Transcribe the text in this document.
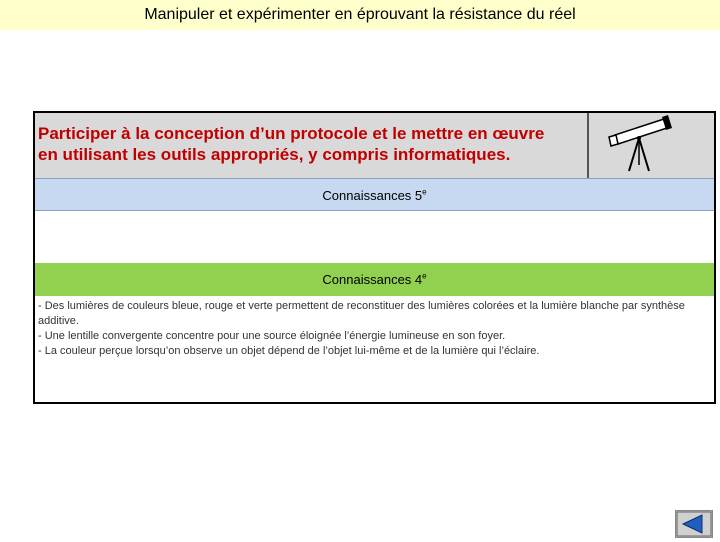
Manipuler et expérimenter en éprouvant la résistance du réel
Participer à la conception d’un protocole et le mettre en œuvre
en utilisant les outils appropriés, y compris informatiques.
Connaissances 5e
Connaissances 4e

- Des lumières de couleurs bleue, rouge et verte permettent de reconstituer des lumières colorées et la lumière blanche par synthèse additive.

- Une lentille convergente concentre pour une source éloignée l’énergie lumineuse en son foyer.

- La couleur perçue lorsqu’on observe un objet dépend de l’objet lui-même et de la lumière qui l’éclaire.
